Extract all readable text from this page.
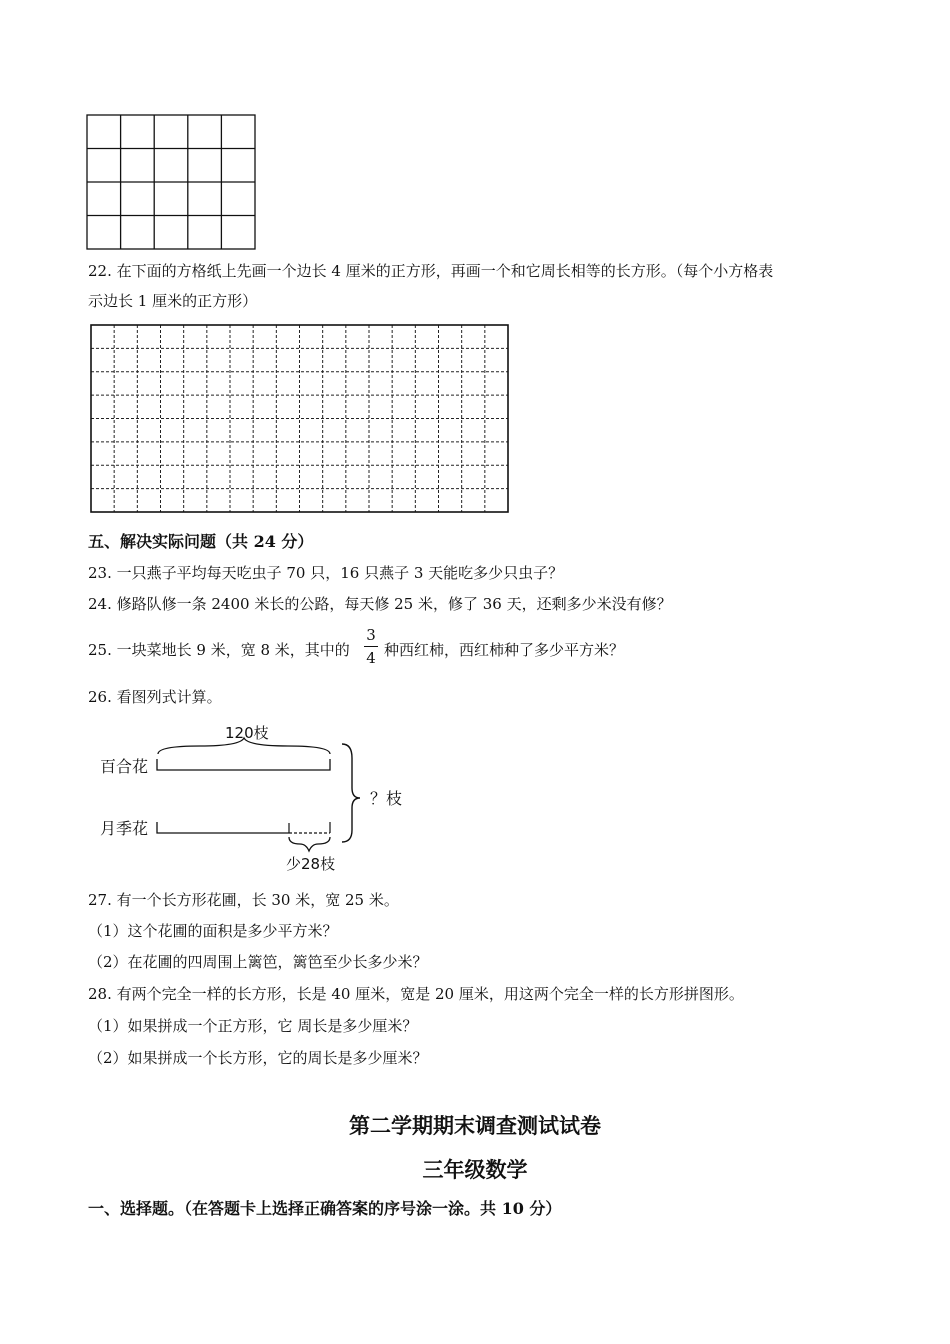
22. 在下面的方格纸上先画一个边长 4 厘米的正方形，再画一个和它周长相等的长方形。（每个小方格表
示边长 1 厘米的正方形）
五、解决实际问题（共 24 分）
23. 一只燕子平均每天吃虫子 70 只，16 只燕子 3 天能吃多少只虫子？
24. 修路队修一条 2400 米长的公路，每天修 25 米，修了 36 天，还剩多少米没有修？
25. 一块菜地长 9 米，宽 8 米，其中的
3
4 种西红柿，西红柿种了多少平方米？
26. 看图列式计算。
120枝
百合花
月季花
？枝
少28枝
27. 有一个长方形花圃，长 30 米，宽 25 米。
（1）这个花圃的面积是多少平方米？
（2）在花圃的四周围上篱笆，篱笆至少长多少米？
28. 有两个完全一样的长方形，长是 40 厘米，宽是 20 厘米，用这两个完全一样的长方形拼图形。
（1）如果拼成一个正方形，它 周长是多少厘米？
（2）如果拼成一个长方形，它的周长是多少厘米？
第二学期期末调查测试试卷
三年级数学
一、选择题。（在答题卡上选择正确答案的序号涂一涂。共 10 分）
